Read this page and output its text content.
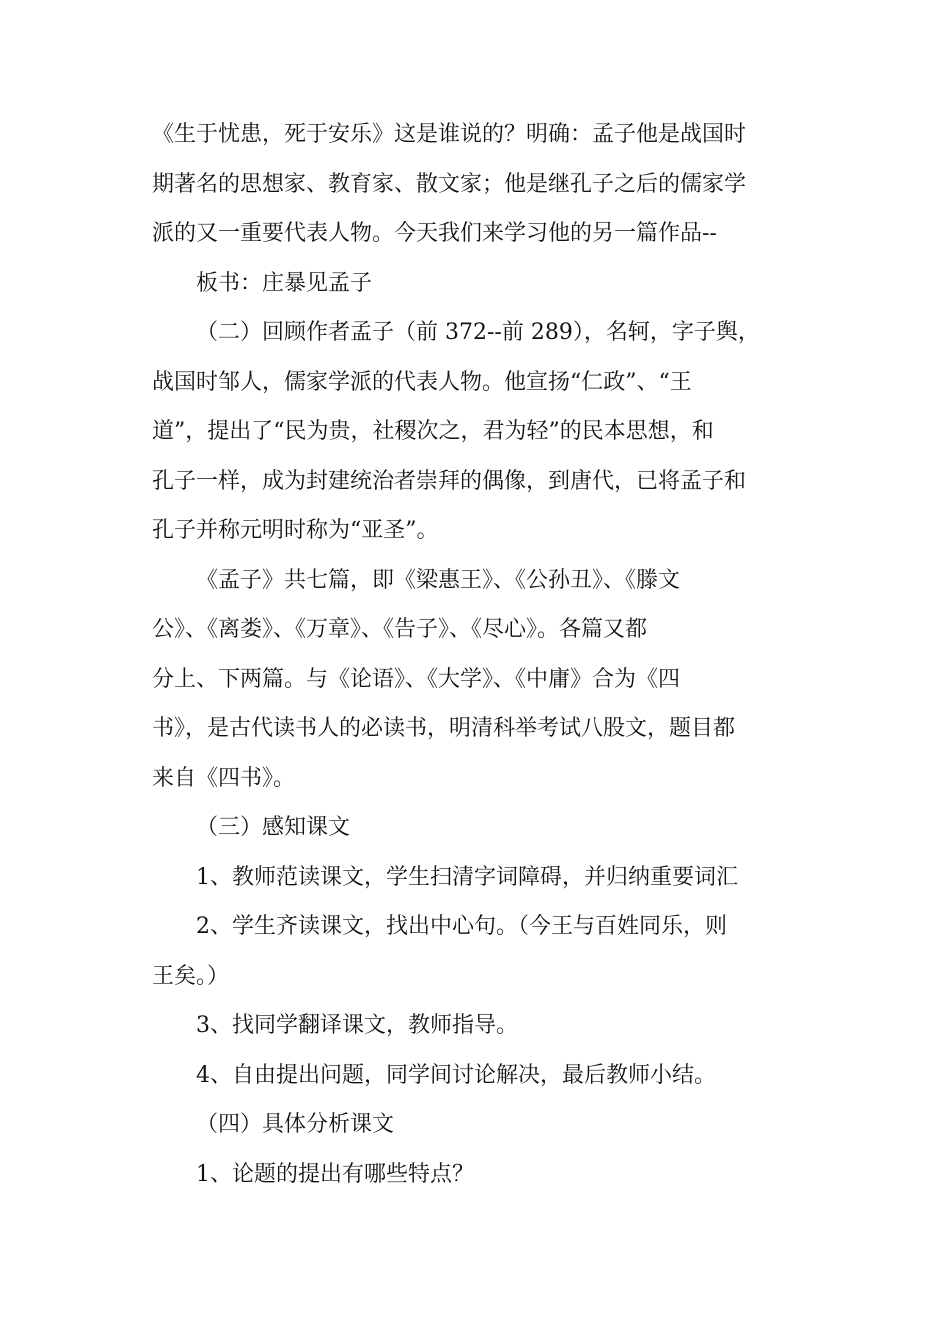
《生于忧患，死于安乐》这是谁说的？明确：孟子他是战国时
期著名的思想家、教育家、散文家；他是继孔子之后的儒家学
派的又一重要代表人物。今天我们来学习他的另一篇作品--

板书：庄暴见孟子

（二）回顾作者孟子（前 372--前 289），名轲，字子舆，
战国时邹人，儒家学派的代表人物。他宣扬“仁政”、“王
道”，提出了“民为贵，社稷次之，君为轻”的民本思想，和
孔子一样，成为封建统治者崇拜的偶像，到唐代，已将孟子和
孔子并称元明时称为“亚圣”。

《孟子》共七篇，即《梁惠王》、《公孙丑》、《滕文
公》、《离娄》、《万章》、《告子》、《尽心》。各篇又都
分上、下两篇。与《论语》、《大学》、《中庸》合为《四
书》，是古代读书人的必读书，明清科举考试八股文，题目都
来自《四书》。

（三）感知课文

1、教师范读课文，学生扫清字词障碍，并归纳重要词汇

2、学生齐读课文，找出中心句。（今王与百姓同乐，则
王矣。）

3、找同学翻译课文，教师指导。

4、自由提出问题，同学间讨论解决，最后教师小结。

（四）具体分析课文

1、论题的提出有哪些特点？
